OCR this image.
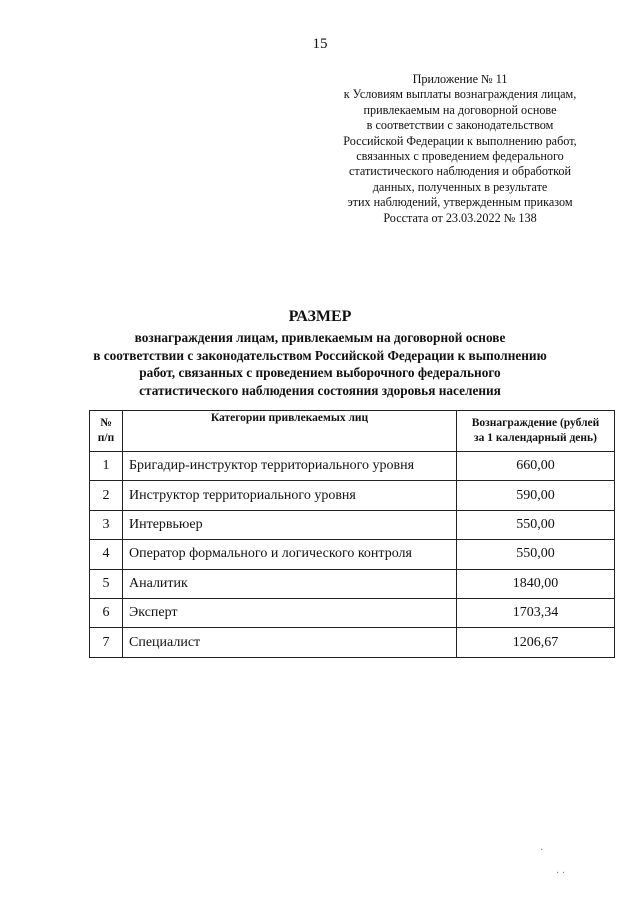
15
Приложение № 11
к Условиям выплаты вознаграждения лицам,
привлекаемым на договорной основе
в соответствии с законодательством
Российской Федерации к выполнению работ,
связанных с проведением федерального
статистического наблюдения и обработкой
данных, полученных в результате
этих наблюдений, утвержденным приказом
Росстата от 23.03.2022 № 138
РАЗМЕР
вознаграждения лицам, привлекаемым на договорной основе
в соответствии с законодательством Российской Федерации к выполнению
работ, связанных с проведением выборочного федерального
статистического наблюдения состояния здоровья населения
№
п/п	Категории привлекаемых лиц	Вознаграждение (рублей
за 1 календарный день)
1	Бригадир-инструктор территориального уровня	660,00
2	Инструктор территориального уровня	590,00
3	Интервьюер	550,00
4	Оператор формального и логического контроля	550,00
5	Аналитик	1840,00
6	Эксперт	1703,34
7	Специалист	1206,67
·
· ·
